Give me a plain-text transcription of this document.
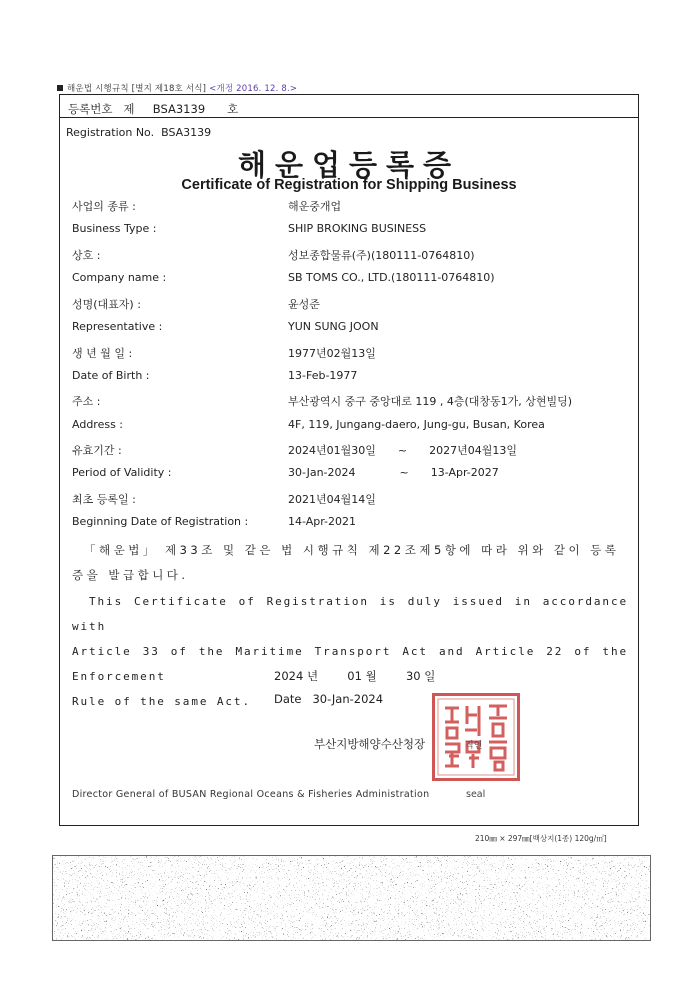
해운법 시행규칙 [별지 제18호 서식] <개정 2016. 12. 8.>
등록번호 제 BSA3139 호
Registration No. BSA3139
해운업등록증
Certificate of Registration for Shipping Business
사업의 종류 :	해운중개업
Business Type :	SHIP BROKING BUSINESS
상호 :	성보종합물류(주)(180111-0764810)
Company name :	SB TOMS CO., LTD.(180111-0764810)
성명(대표자) :	윤성준
Representative :	YUN SUNG JOON
생 년 월 일 :	1977년02월13일
Date of Birth :	13-Feb-1977
주소 :	부산광역시 중구 중앙대로 119 , 4층(대창동1가, 상현빌딩)
Address :	4F, 119, Jungang-daero, Jung-gu, Busan, Korea
유효기간 :	2024년01월30일 ~ 2027년04월13일
Period of Validity :	30-Jan-2024	~ 13-Apr-2027
최초 등록일 :	2021년04월14일
Beginning Date of Registration :	14-Apr-2021
「해운법」 제33조 및 같은 법 시행규칙 제22조제5항에 따라 위와 같이 등록
증을 발급합니다.
This Certificate of Registration is duly issued in accordance with
Article 33 of the Maritime Transport Act and Article 22 of the Enforcement
Rule of the same Act.
2024 년	01 월	30 일
Date 30-Jan-2024
부산지방해양수산청장	직인
Director General of BUSAN Regional Oceans & Fisheries Administration	seal
210㎜ × 297㎜[백상지(1종) 120g/㎡]
